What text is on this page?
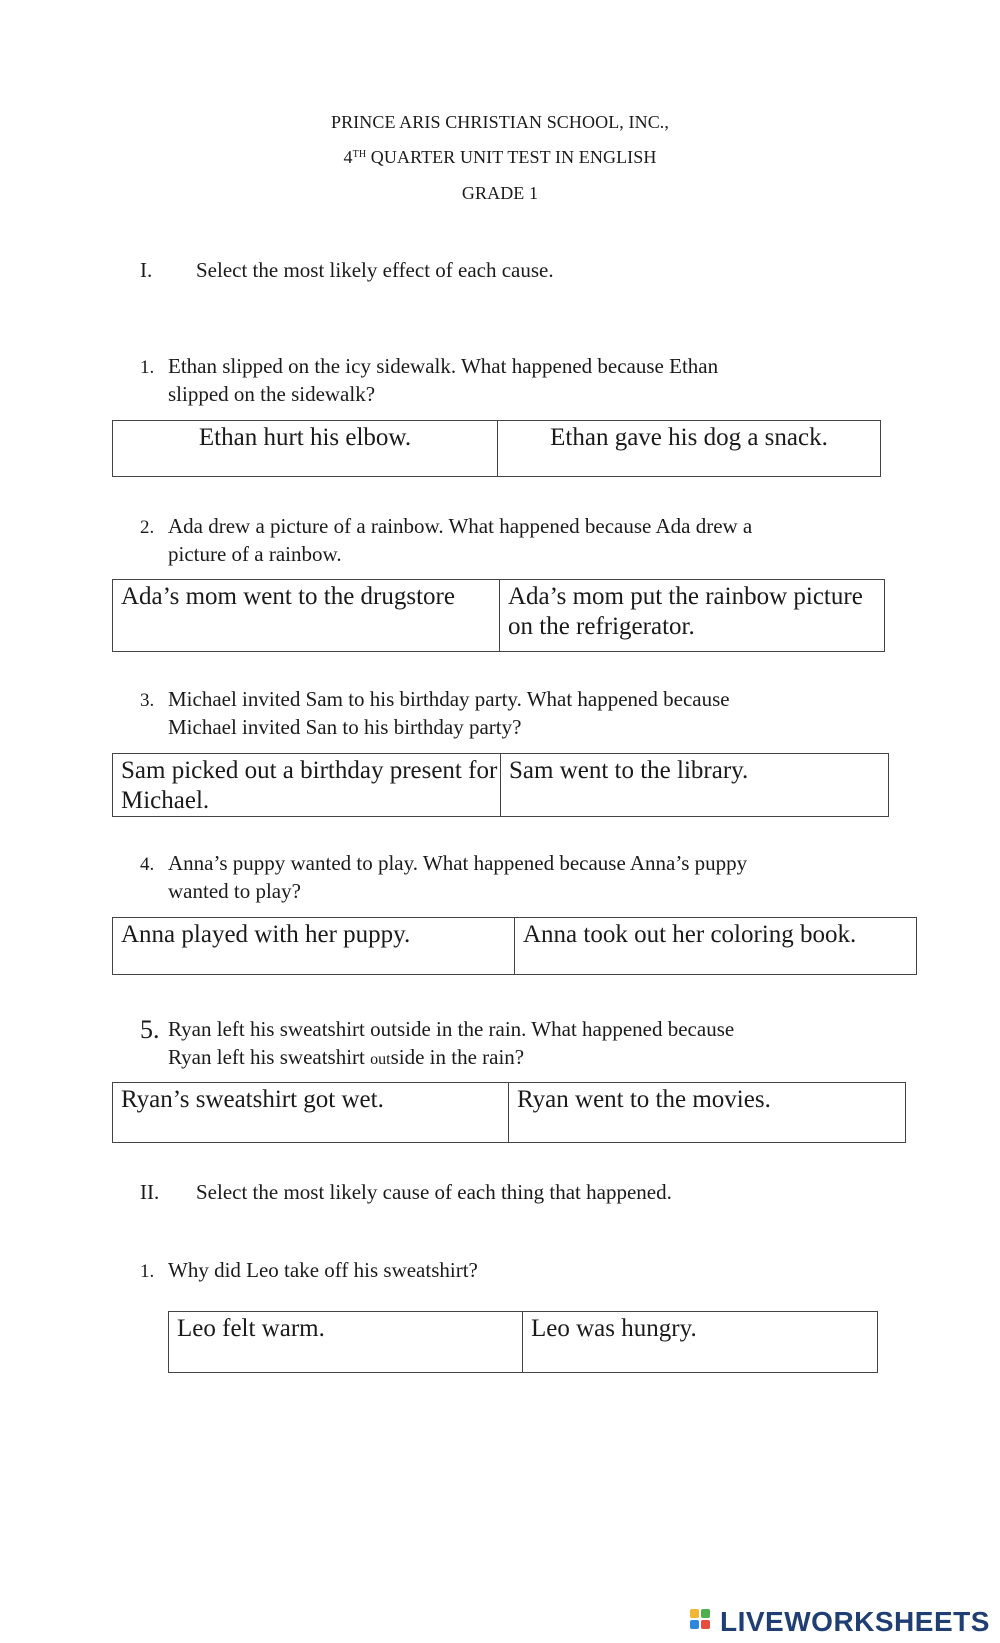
PRINCE ARIS CHRISTIAN SCHOOL, INC.,
4TH QUARTER UNIT TEST IN ENGLISH
GRADE 1
I. Select the most likely effect of each cause.
1. Ethan slipped on the icy sidewalk. What happened because Ethan
slipped on the sidewalk?
Ethan hurt his elbow.	Ethan gave his dog a snack.
2. Ada drew a picture of a rainbow. What happened because Ada drew a
picture of a rainbow.
Ada’s mom went to the drugstore	Ada’s mom put the rainbow picture on the refrigerator.
3. Michael invited Sam to his birthday party. What happened because
Michael invited San to his birthday party?
Sam picked out a birthday present for Michael.	Sam went to the library.
4. Anna’s puppy wanted to play. What happened because Anna’s puppy
wanted to play?
Anna played with her puppy.	Anna took out her coloring book.
5. Ryan left his sweatshirt outside in the rain. What happened because
Ryan left his sweatshirt outside in the rain?
Ryan’s sweatshirt got wet.	Ryan went to the movies.
II. Select the most likely cause of each thing that happened.
1. Why did Leo take off his sweatshirt?
Leo felt warm.	Leo was hungry.
LIVEWORKSHEETS
